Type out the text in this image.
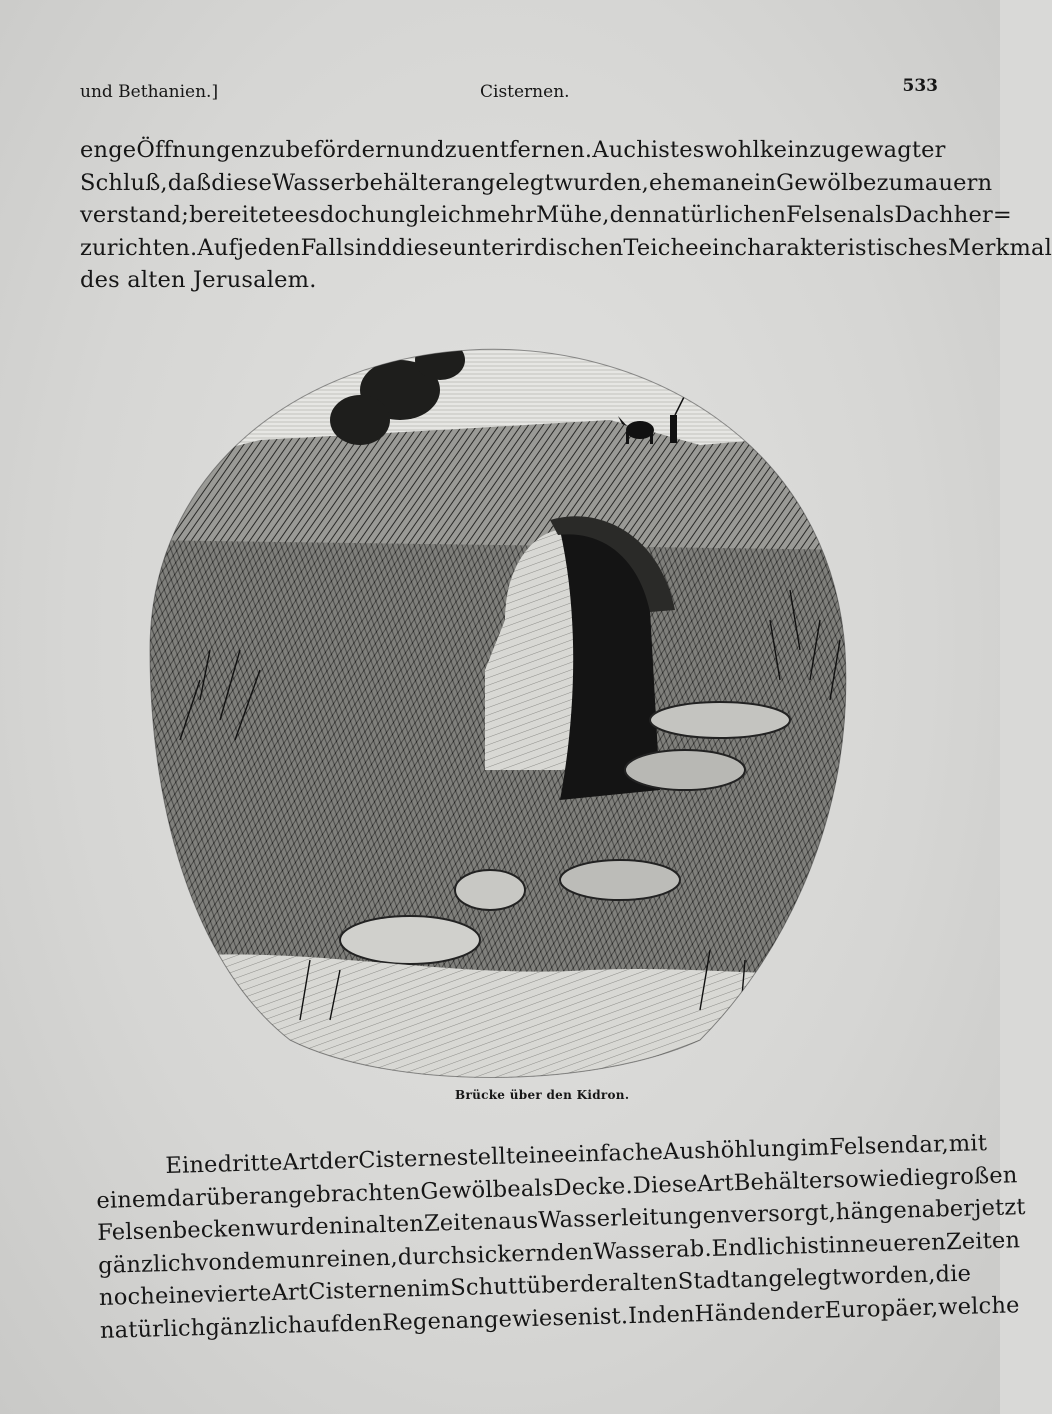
und Bethanien.]	Cisternen.	533
engeÖffnungenzubefördernundzuentfernen.Auchisteswohlkeinzugewagter
Schluß,daßdieseWasserbehälterangelegtwurden,ehemaneinGewölbezumauern
verstand;bereiteteesdochungleichmehrMühe,dennatürlichenFelsenalsDachher=
zurichten.AufjedenFallsinddieseunterirdischenTeicheeincharakteristischesMerkmal
des alten Jerusalem.
Brücke über den Kidron.
EinedritteArtderCisternestellteineeinfacheAushöhlungimFelsendar,mit
einemdarüberangebrachtenGewölbealsDecke.DieseArtBehältersowiediegroßen
FelsenbeckenwurdeninaltenZeitenausWasserleitungenversorgt,hängenaberjetzt
gänzlichvondemunreinen,durchsickerndenWasserab.EndlichistinneuerenZeiten
nocheinevierteArtCisternenimSchuttüberderaltenStadtangelegtworden,die
natürlichgänzlichaufdenRegenangewiesenist.IndenHändenderEuropäer,welche
